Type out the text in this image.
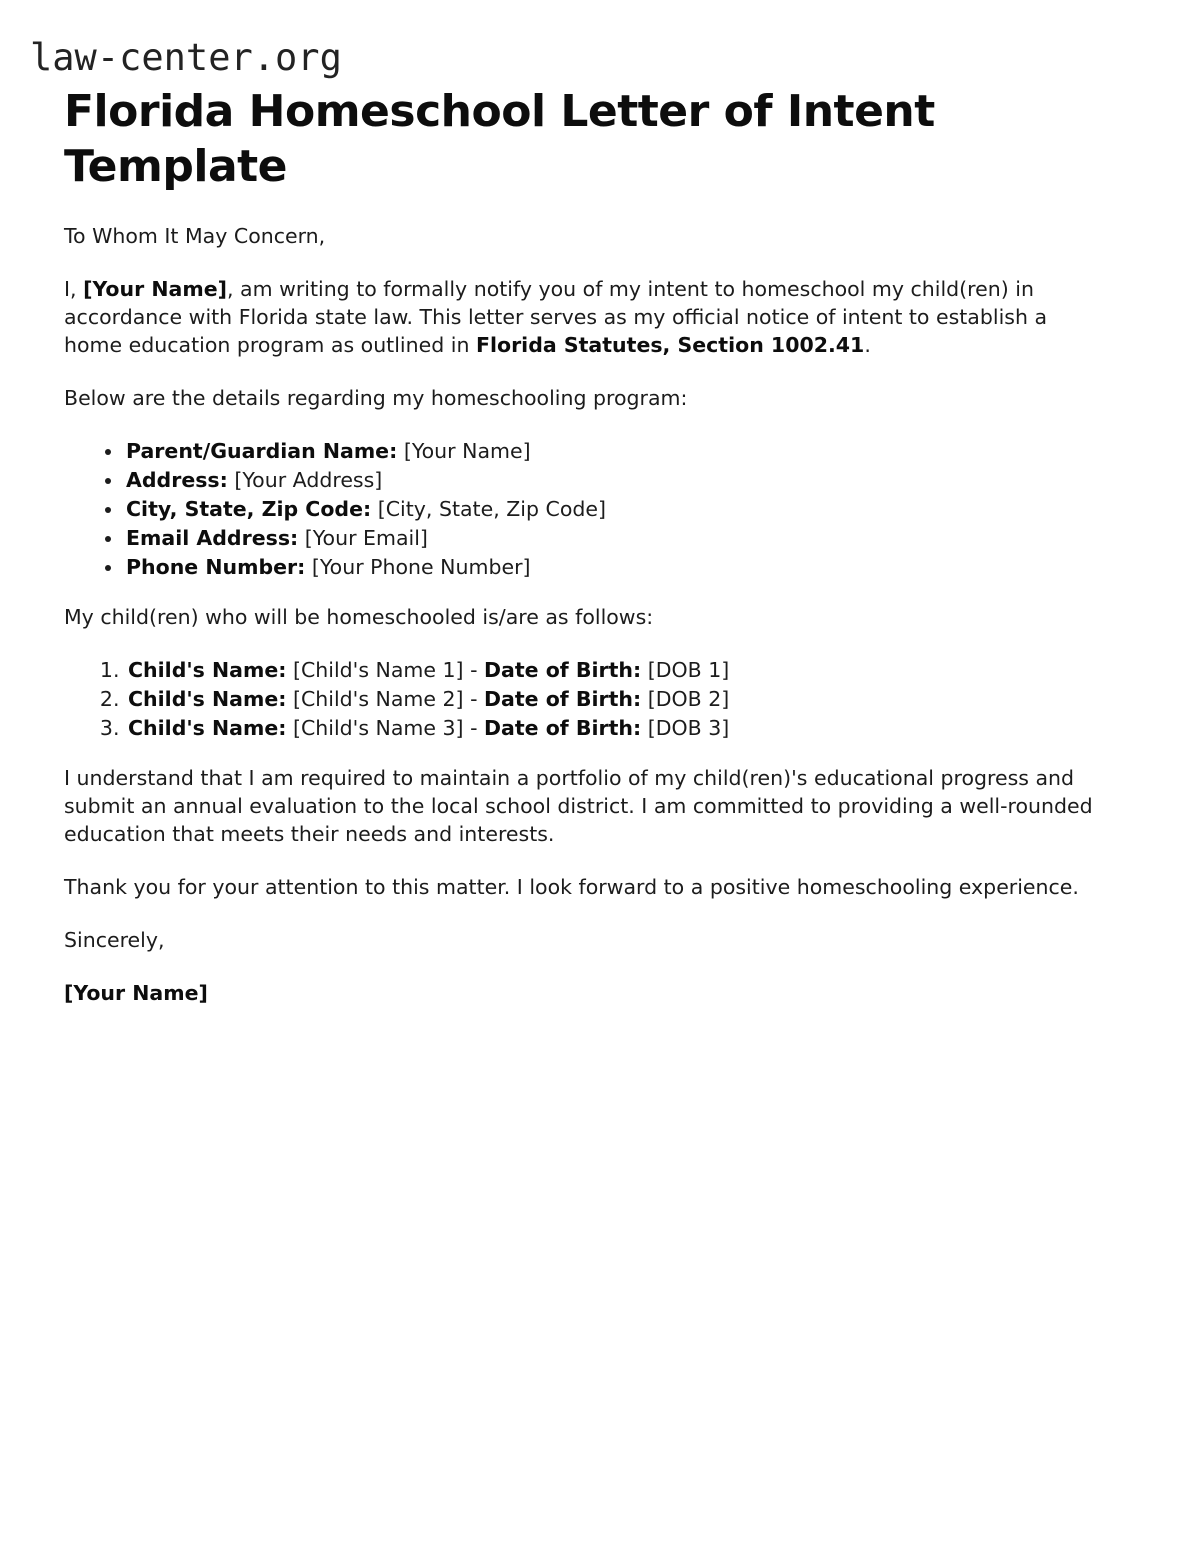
law-center.org
Florida Homeschool Letter of Intent Template

To Whom It May Concern,

I, [Your Name], am writing to formally notify you of my intent to homeschool my child(ren) in accordance with Florida state law. This letter serves as my official notice of intent to establish a home education program as outlined in Florida Statutes, Section 1002.41.

Below are the details regarding my homeschooling program:

• Parent/Guardian Name: [Your Name]
• Address: [Your Address]
• City, State, Zip Code: [City, State, Zip Code]
• Email Address: [Your Email]
• Phone Number: [Your Phone Number]

My child(ren) who will be homeschooled is/are as follows:

1. Child's Name: [Child's Name 1] - Date of Birth: [DOB 1]
2. Child's Name: [Child's Name 2] - Date of Birth: [DOB 2]
3. Child's Name: [Child's Name 3] - Date of Birth: [DOB 3]

I understand that I am required to maintain a portfolio of my child(ren)'s educational progress and submit an annual evaluation to the local school district. I am committed to providing a well-rounded education that meets their needs and interests.

Thank you for your attention to this matter. I look forward to a positive homeschooling experience.

Sincerely,

[Your Name]
